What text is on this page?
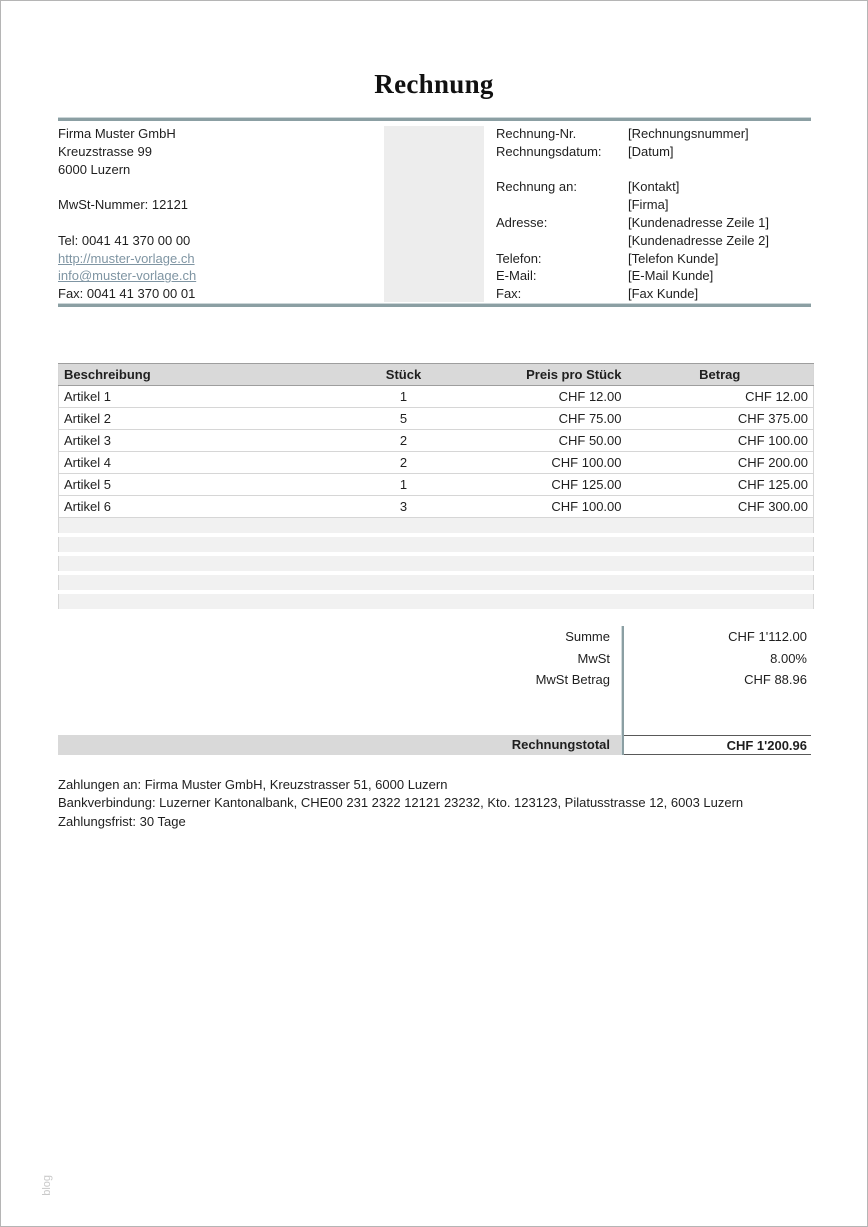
Rechnung
Firma Muster GmbH
Kreuzstrasse 99
6000 Luzern
MwSt-Nummer: 12121
Tel: 0041 41 370 00 00
http://muster-vorlage.ch
info@muster-vorlage.ch
Fax: 0041 41 370 00 01
Rechnung-Nr.	[Rechnungsnummer]
Rechnungsdatum:	[Datum]
Rechnung an:	[Kontakt]
[Firma]
Adresse:	[Kundenadresse Zeile 1]
[Kundenadresse Zeile 2]
Telefon:	[Telefon Kunde]
E-Mail:	[E-Mail Kunde]
Fax:	[Fax Kunde]
Beschreibung	Stück	Preis pro Stück	Betrag
Artikel 1	1	CHF 12.00	CHF 12.00
Artikel 2	5	CHF 75.00	CHF 375.00
Artikel 3	2	CHF 50.00	CHF 100.00
Artikel 4	2	CHF 100.00	CHF 200.00
Artikel 5	1	CHF 125.00	CHF 125.00
Artikel 6	3	CHF 100.00	CHF 300.00

Summe	CHF 1'112.00
MwSt	8.00%
MwSt Betrag	CHF 88.96
Rechnungstotal	CHF 1'200.96
Zahlungen an: Firma Muster GmbH, Kreuzstrasser 51, 6000 Luzern
Bankverbindung: Luzerner Kantonalbank, CHE00 231 2322 12121 23232, Kto. 123123, Pilatusstrasse 12, 6003 Luzern
Zahlungsfrist: 30 Tage
blog
